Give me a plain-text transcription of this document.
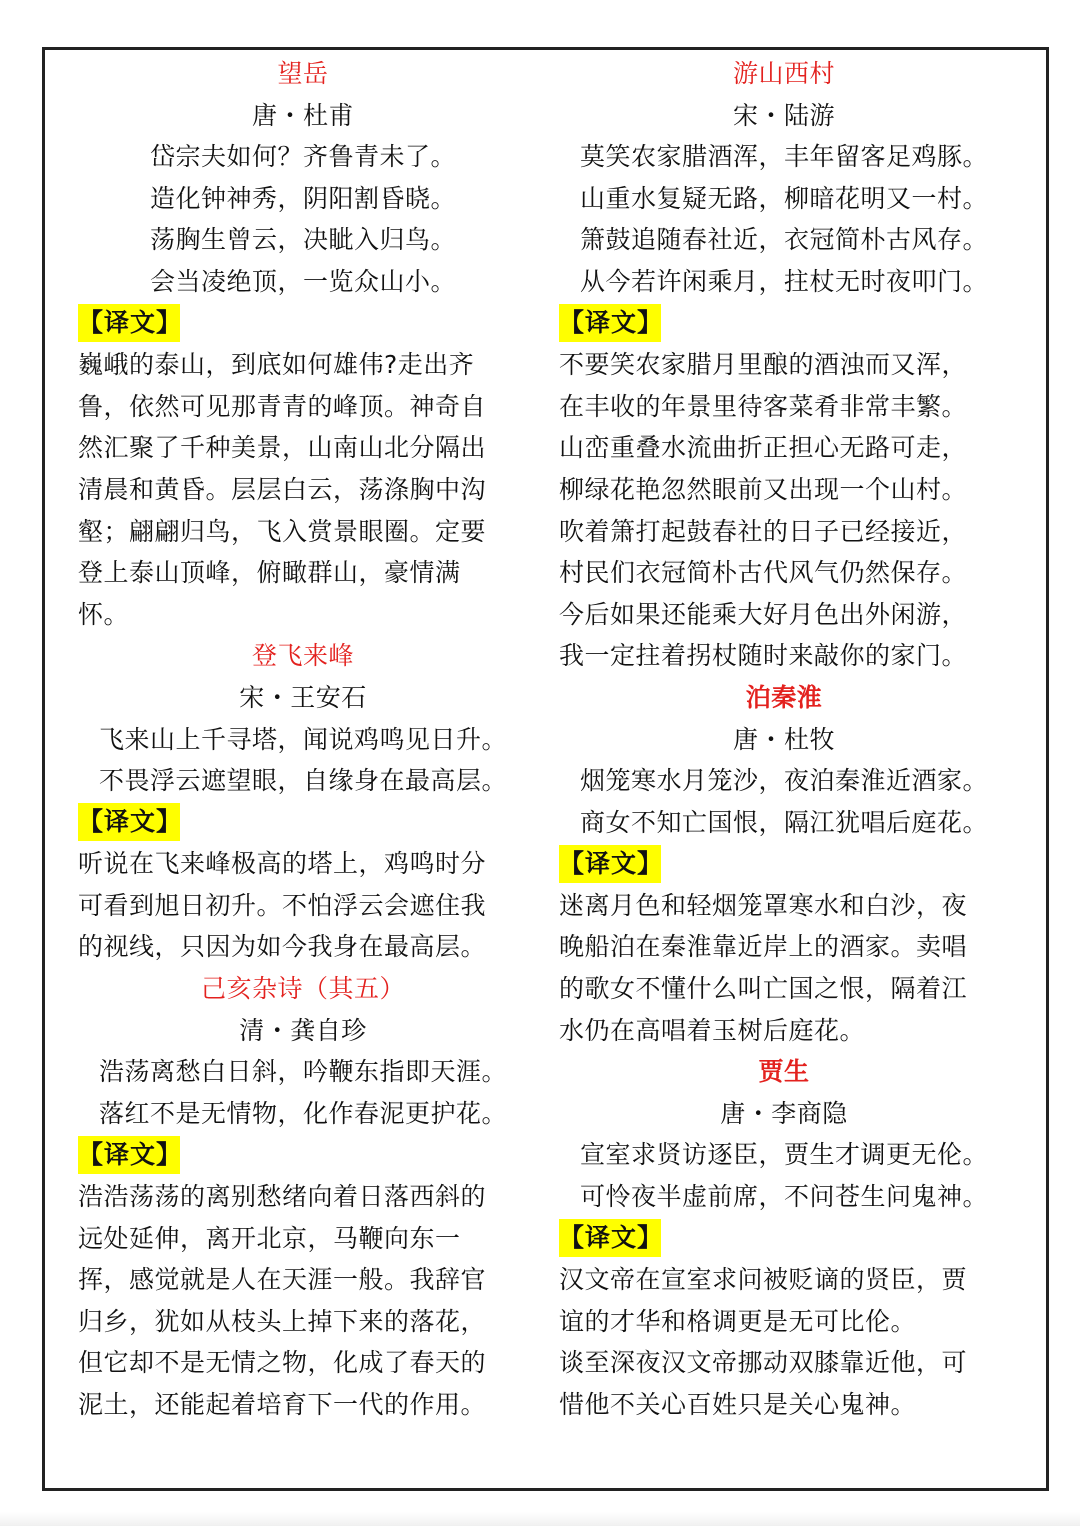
望岳
唐・杜甫
岱宗夫如何？齐鲁青未了。
造化钟神秀，阴阳割昏晓。
荡胸生曾云，决眦入归鸟。
会当凌绝顶，一览众山小。
【译文】
巍峨的泰山，到底如何雄伟?走出齐
鲁，依然可见那青青的峰顶。神奇自
然汇聚了千种美景，山南山北分隔出
清晨和黄昏。层层白云，荡涤胸中沟
壑；翩翩归鸟，飞入赏景眼圈。定要
登上泰山顶峰，俯瞰群山，豪情满
怀。
登飞来峰
宋・王安石
飞来山上千寻塔，闻说鸡鸣见日升。
不畏浮云遮望眼，自缘身在最高层。
【译文】
听说在飞来峰极高的塔上，鸡鸣时分
可看到旭日初升。不怕浮云会遮住我
的视线，只因为如今我身在最高层。
己亥杂诗（其五）
清・龚自珍
浩荡离愁白日斜，吟鞭东指即天涯。
落红不是无情物，化作春泥更护花。
【译文】
浩浩荡荡的离别愁绪向着日落西斜的
远处延伸，离开北京，马鞭向东一
挥，感觉就是人在天涯一般。我辞官
归乡，犹如从枝头上掉下来的落花，
但它却不是无情之物，化成了春天的
泥土，还能起着培育下一代的作用。
游山西村
宋・陆游
莫笑农家腊酒浑，丰年留客足鸡豚。
山重水复疑无路，柳暗花明又一村。
箫鼓追随春社近，衣冠简朴古风存。
从今若许闲乘月，拄杖无时夜叩门。
【译文】
不要笑农家腊月里酿的酒浊而又浑，
在丰收的年景里待客菜肴非常丰繁。
山峦重叠水流曲折正担心无路可走，
柳绿花艳忽然眼前又出现一个山村。
吹着箫打起鼓春社的日子已经接近，
村民们衣冠简朴古代风气仍然保存。
今后如果还能乘大好月色出外闲游，
我一定拄着拐杖随时来敲你的家门。
泊秦淮
唐・杜牧
烟笼寒水月笼沙，夜泊秦淮近酒家。
商女不知亡国恨，隔江犹唱后庭花。
【译文】
迷离月色和轻烟笼罩寒水和白沙，夜
晚船泊在秦淮靠近岸上的酒家。卖唱
的歌女不懂什么叫亡国之恨，隔着江
水仍在高唱着玉树后庭花。
贾生
唐・李商隐
宣室求贤访逐臣，贾生才调更无伦。
可怜夜半虚前席，不问苍生问鬼神。
【译文】
汉文帝在宣室求问被贬谪的贤臣，贾
谊的才华和格调更是无可比伦。
谈至深夜汉文帝挪动双膝靠近他，可
惜他不关心百姓只是关心鬼神。
